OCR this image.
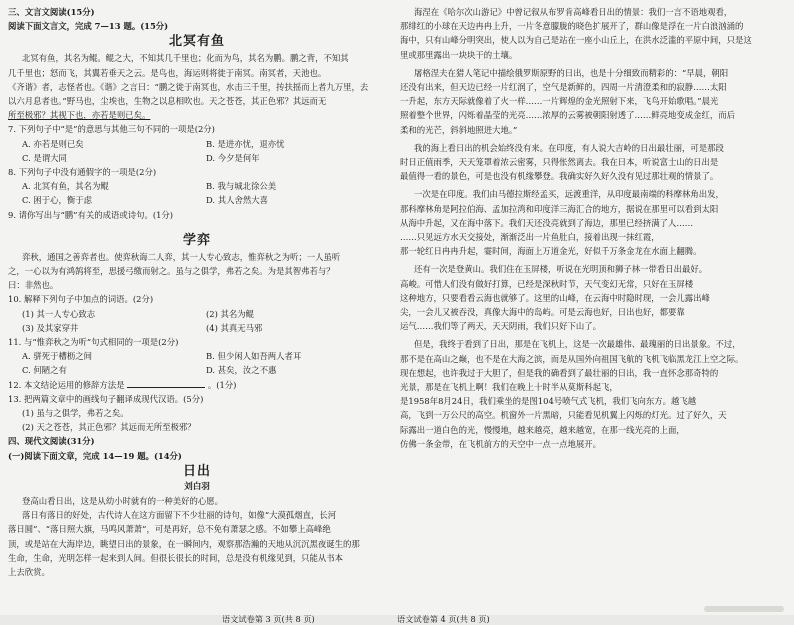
三、文言文阅读(15分)
阅读下面文言文，完成 7—13 题。(15分)
北冥有鱼
北冥有鱼，其名为鲲。鲲之大，不知其几千里也；化而为鸟，其名为鹏。鹏之背，不知其
几千里也；怒而飞，其翼若垂天之云。是鸟也，海运则将徙于南冥。南冥者，天池也。
《齐谐》者，志怪者也。《谐》之言曰：“鹏之徙于南冥也，水击三千里，抟扶摇而上者九万里，去
以六月息者也。”野马也，尘埃也，生物之以息相吹也。天之苍苍，其正色邪？其远而无
所至极邪？其视下也，亦若是则已矣。
7. 下列句子中“是”的意思与其他三句不同的一项是(2分)
A. 亦若是则已矣	B. 是进亦忧，退亦忧
C. 是谓大同	D. 今夕是何年
8. 下列句子中没有通假字的一项是(2分)
A. 北冥有鱼，其名为鲲	B. 我与城北徐公美
C. 困于心，衡于虑	D. 其人舍然大喜
9. 请你写出与“鹏”有关的成语或诗句。(1分)
学弈
弈秋，通国之善弈者也。使弈秋诲二人弈，其一人专心致志，惟弈秋之为听；一人虽听
之，一心以为有鸿鹄将至，思援弓缴而射之。虽与之俱学，弗若之矣。为是其智弗若与？
曰：非然也。
10. 解释下列句子中加点的词语。(2分)
(1) 其一人专心致志	(2) 其名为鲲
(3) 及其家穿井	(4) 其真无马邪
11. 与“惟弈秋之为听”句式相同的一项是(2分)
A. 骈死于槽枥之间	B. 但少闲人如吾两人者耳
C. 何陋之有	D. 甚矣，汝之不惠
12. 本文结论运用的修辞方法是	。(1分)
13. 把两篇文章中的画线句子翻译成现代汉语。(5分)
(1) 虽与之俱学，弗若之矣。
(2) 天之苍苍，其正色邪？其远而无所至极邪？
四、现代文阅读(31分)
(一)阅读下面文章，完成 14—19 题。(14分)
日出
刘白羽
登高山看日出，这是从幼小时就有的一种美好的心愿。
落日有落日的好处，古代诗人在这方面留下不少壮丽的诗句，如像“大漠孤烟直，长河
落日圆”、“落日照大旗，马鸣风萧萧”，可是再好，总不免有萧瑟之感。不如攀上高峰绝
顶，或是站在大海岸边，眺望日出的景象，在一瞬间内，观察那浩瀚的天地从沉沉黑夜诞生的那
生命，生命，光明怎样一起来到人间。但很长很长的时间，总是没有机缘见到，只能从书本
上去欣赏。
海涅在《哈尔次山游记》中曾记叙从布罗肯高峰看日出的情景：我们一言不语地观看，
那绯红的小球在天边冉冉上升，一片冬意朦胧的晓色扩展开了，群山像是浮在一片白浪汹涌的
海中，只有山峰分明突出，使人以为自己是站在一座小山丘上，在洪水泛滥的平原中间，只是这
里或那里露出一块块干的土壤。
屠格涅夫在猎人笔记中描绘俄罗斯原野的日出，也是十分细致而精彩的：“早晨，朝阳
还没有出来，但天边已经一片红润了，空气是新鲜的，四周一片清澄柔和的寂静……太阳
一升起，东方天际就像着了火一样……一片辉煌的金光照射下来，飞鸟开始歌唱。”晨光
照着整个世界，闪烁着晶莹的光亮……浓厚的云雾被朝阳射透了……鲜亮地变成金红，而后
柔和的光芒，斜斜地照进大地。”
我的海上看日出的机会始终没有来。在印度，有人说大吉岭的日出最壮丽，可是那段
时日正值雨季，天天笼罩着浓云密雾，只得怅然离去。我在日本，听说富士山的日出是
最值得一看的景色，可是也没有机缘攀登。我确实好久好久没有见过那壮观的情景了。
一次是在印度。我们由马德拉斯经孟买，远渡重洋，从印度最南端的科摩林角出发，
那科摩林角是阿拉伯海、孟加拉湾和印度洋三海汇合的地方，据说在那里可以看到太阳
从海中升起，又在海中落下。我们天还没亮就到了海边，那里已经挤满了人……
……只见远方水天交接处，渐渐泛出一片鱼肚白，接着出现一抹红霞，
那一轮红日冉冉升起，霎时间，海面上万道金光，好似千万条金龙在水面上翻腾。
还有一次是登黄山。我们住在玉屏楼，听说在光明顶和狮子林一带看日出最好。
高峻。可惜人们没有做好打算，已经是深秋时节，天气变幻无常，只好在玉屏楼
这种地方，只要看看云海也就够了。这里的山峰，在云海中时隐时现，一会儿露出峰
尖，一会儿又被吞没，真像大海中的岛屿。可是云海也好，日出也好，都要靠
运气……我们等了两天，天天阴雨，我们只好下山了。
但是，我终于看到了日出，那是在飞机上，这是一次最雄伟、最瑰丽的日出景象。不过，
那不是在高山之巅，也不是在大海之滨，而是从国外向祖国飞航的飞机飞临黑龙江上空之际。
现在想起，也许我过于大胆了，但是我的确看到了最壮丽的日出，我一直怀念那奇特的
光景，那是在飞机上啊！我们在晚上十时半从莫斯科起飞，
是1958年8月24日，我们乘坐的是图104号喷气式飞机，我们飞向东方。越飞越
高，飞到一万公尺的高空。机窗外一片黑暗，只能看见机翼上闪烁的灯光。过了好久，天
际露出一道白色的光，慢慢地，越来越亮，越来越宽，在那一线光亮的上面，
仿佛一条金带，在飞机前方的天空中一点一点地展开。
语文试卷第 3 页(共 8 页)	语文试卷第 4 页(共 8 页)
